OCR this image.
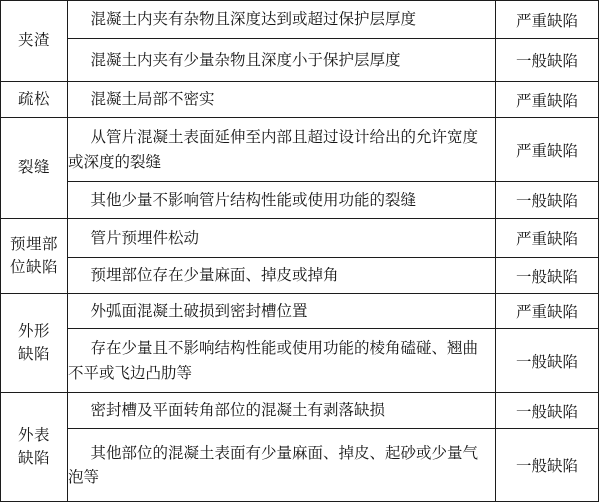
夹渣	混凝土内夹有杂物且深度达到或超过保护层厚度	严重缺陷
	混凝土内夹有少量杂物且深度小于保护层厚度	一般缺陷

疏松	混凝土局部不密实	严重缺陷

裂缝	从管片混凝土表面延伸至内部且超过设计给出的允许宽度
或深度的裂缝	严重缺陷
	其他少量不影响管片结构性能或使用功能的裂缝	一般缺陷

预埋部
位缺陷	管片预埋件松动	严重缺陷
	预埋部位存在少量麻面、掉皮或掉角	一般缺陷

外形
缺陷	外弧面混凝土破损到密封槽位置	严重缺陷
	存在少量且不影响结构性能或使用功能的棱角磕碰、翘曲
不平或飞边凸肋等	一般缺陷

外表
缺陷	密封槽及平面转角部位的混凝土有剥落缺损	一般缺陷
	其他部位的混凝土表面有少量麻面、掉皮、起砂或少量气
泡等	一般缺陷
